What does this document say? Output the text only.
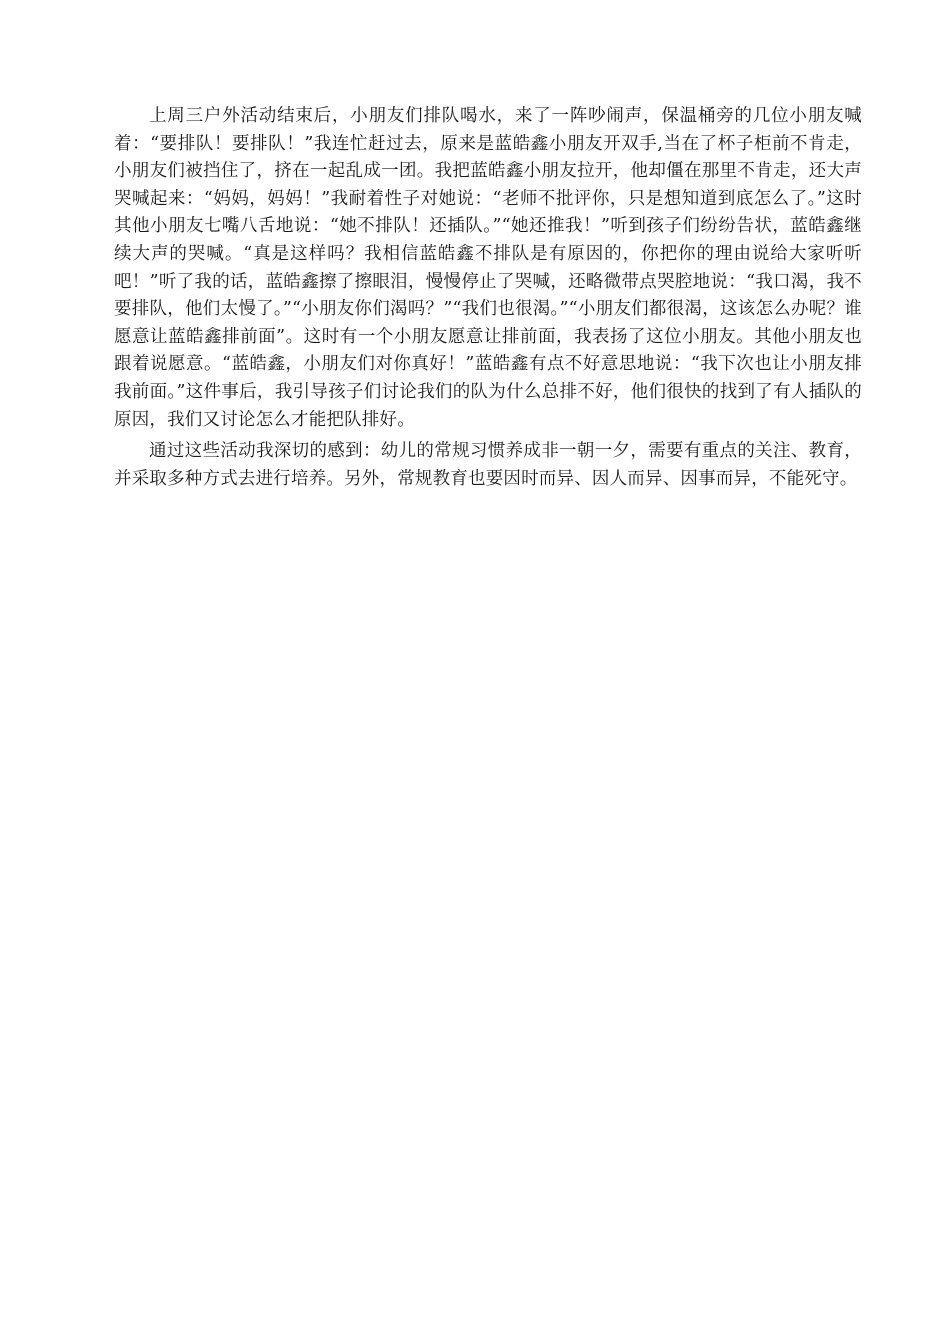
上周三户外活动结束后，小朋友们排队喝水，来了一阵吵闹声，保温桶旁的几位小朋友喊着：“要排队！要排队！”我连忙赶过去，原来是蓝皓鑫小朋友开双手,当在了杯子柜前不肯走，小朋友们被挡住了，挤在一起乱成一团。我把蓝皓鑫小朋友拉开，他却僵在那里不肯走，还大声哭喊起来：“妈妈，妈妈！”我耐着性子对她说：“老师不批评你，只是想知道到底怎么了。”这时其他小朋友七嘴八舌地说：“她不排队！还插队。”“她还推我！”听到孩子们纷纷告状，蓝皓鑫继续大声的哭喊。“真是这样吗？我相信蓝皓鑫不排队是有原因的，你把你的理由说给大家听听吧！”听了我的话，蓝皓鑫擦了擦眼泪，慢慢停止了哭喊，还略微带点哭腔地说：“我口渴，我不要排队，他们太慢了。”“小朋友你们渴吗？”“我们也很渴。”“小朋友们都很渴，这该怎么办呢？谁愿意让蓝皓鑫排前面”。这时有一个小朋友愿意让排前面，我表扬了这位小朋友。其他小朋友也跟着说愿意。“蓝皓鑫，小朋友们对你真好！”蓝皓鑫有点不好意思地说：“我下次也让小朋友排我前面。”这件事后，我引导孩子们讨论我们的队为什么总排不好，他们很快的找到了有人插队的原因，我们又讨论怎么才能把队排好。

通过这些活动我深切的感到：幼儿的常规习惯养成非一朝一夕，需要有重点的关注、教育，并采取多种方式去进行培养。另外，常规教育也要因时而异、因人而异、因事而异，不能死守。
